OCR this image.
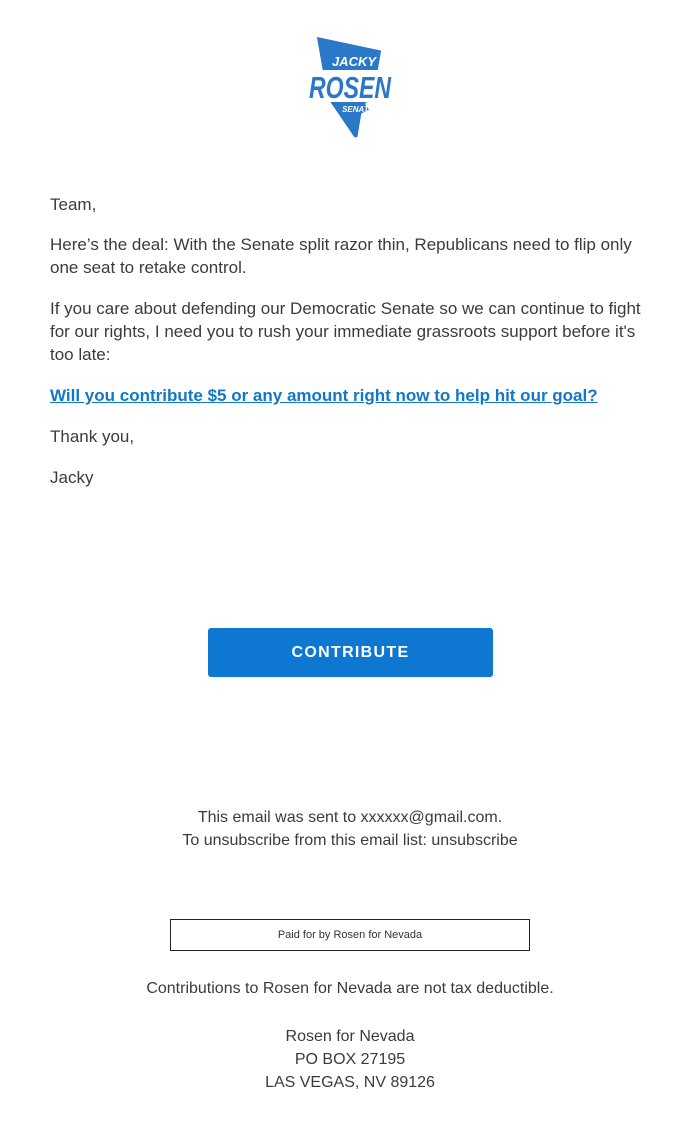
JACKY
ROSEN
SENATE

Team,

Here’s the deal: With the Senate split razor thin, Republicans need to flip only one seat to retake control.

If you care about defending our Democratic Senate so we can continue to fight for our rights, I need you to rush your immediate grassroots support before it's too late:

Will you contribute $5 or any amount right now to help hit our goal?

Thank you,

Jacky

CONTRIBUTE
This email was sent to xxxxxx@gmail.com.
To unsubscribe from this email list: unsubscribe
Paid for by Rosen for Nevada
Contributions to Rosen for Nevada are not tax deductible.
Rosen for Nevada
PO BOX 27195
LAS VEGAS, NV 89126
